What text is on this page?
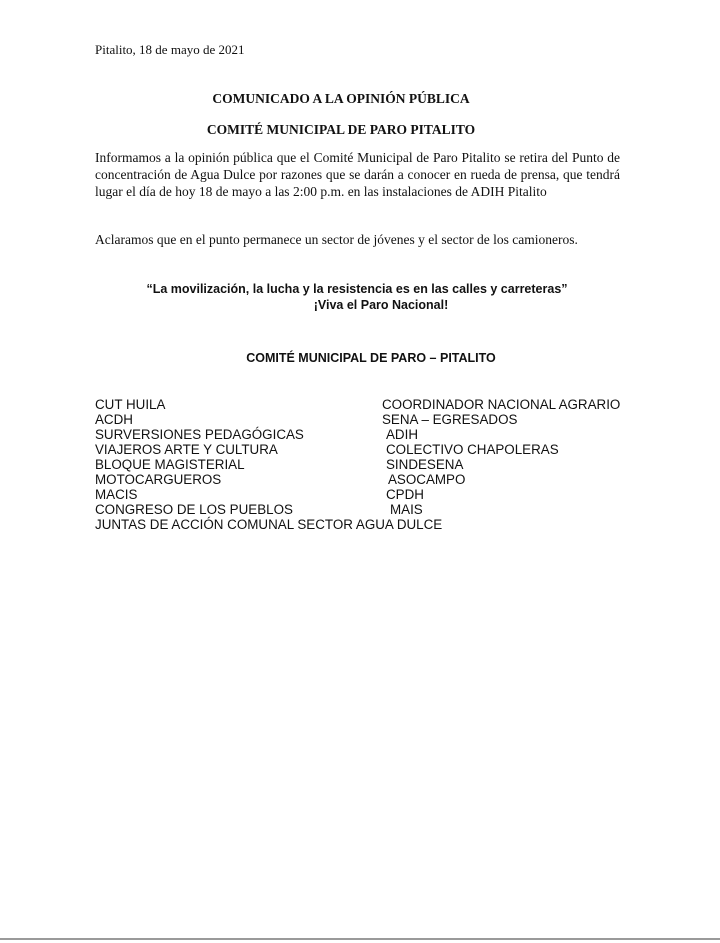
Pitalito, 18 de mayo de 2021
COMUNICADO A LA OPINIÓN PÚBLICA
COMITÉ MUNICIPAL DE PARO PITALITO
Informamos a la opinión pública que el Comité Municipal de Paro Pitalito se retira del Punto de concentración de Agua Dulce por razones que se darán a conocer en rueda de prensa, que tendrá lugar el día de hoy 18 de mayo a las 2:00 p.m. en las instalaciones de ADIH Pitalito
Aclaramos que en el punto permanece un sector de jóvenes y el sector de los camioneros.
“La movilización, la lucha y la resistencia es en las calles y carreteras”
¡Viva el Paro Nacional!
COMITÉ MUNICIPAL DE PARO – PITALITO
CUT HUILA
ACDH
SURVERSIONES PEDAGÓGICAS
VIAJEROS ARTE Y CULTURA
BLOQUE MAGISTERIAL
MOTOCARGUEROS
MACIS
CONGRESO DE LOS PUEBLOS
JUNTAS DE ACCIÓN COMUNAL SECTOR AGUA DULCE
COORDINADOR NACIONAL AGRARIO
SENA – EGRESADOS
ADIH
COLECTIVO CHAPOLERAS
SINDESENA
ASOCAMPO
CPDH
MAIS
